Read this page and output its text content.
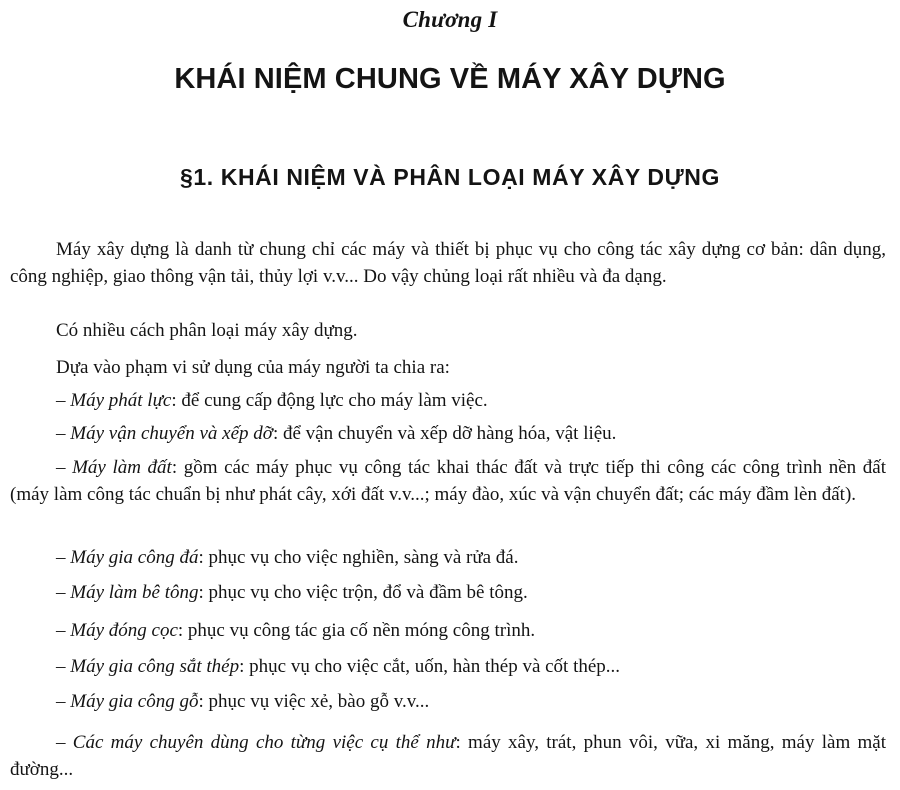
Chương I
KHÁI NIỆM CHUNG VỀ MÁY XÂY DỰNG
§1. KHÁI NIỆM VÀ PHÂN LOẠI MÁY XÂY DỰNG

Máy xây dựng là danh từ chung chỉ các máy và thiết bị phục vụ cho công tác xây dựng cơ bản: dân dụng, công nghiệp, giao thông vận tải, thủy lợi v.v... Do vậy chủng loại rất nhiều và đa dạng.

Có nhiều cách phân loại máy xây dựng.
Dựa vào phạm vi sử dụng của máy người ta chia ra:
– Máy phát lực: để cung cấp động lực cho máy làm việc.
– Máy vận chuyển và xếp dỡ: để vận chuyển và xếp dỡ hàng hóa, vật liệu.
– Máy làm đất: gồm các máy phục vụ công tác khai thác đất và trực tiếp thi công các công trình nền đất (máy làm công tác chuẩn bị như phát cây, xới đất v.v...; máy đào, xúc và vận chuyển đất; các máy đầm lèn đất).
– Máy gia công đá: phục vụ cho việc nghiền, sàng và rửa đá.
– Máy làm bê tông: phục vụ cho việc trộn, đổ và đầm bê tông.
– Máy đóng cọc: phục vụ công tác gia cố nền móng công trình.
– Máy gia công sắt thép: phục vụ cho việc cắt, uốn, hàn thép và cốt thép...
– Máy gia công gỗ: phục vụ việc xẻ, bào gỗ v.v...
– Các máy chuyên dùng cho từng việc cụ thể như: máy xây, trát, phun vôi, vữa, xi măng, máy làm mặt đường...
